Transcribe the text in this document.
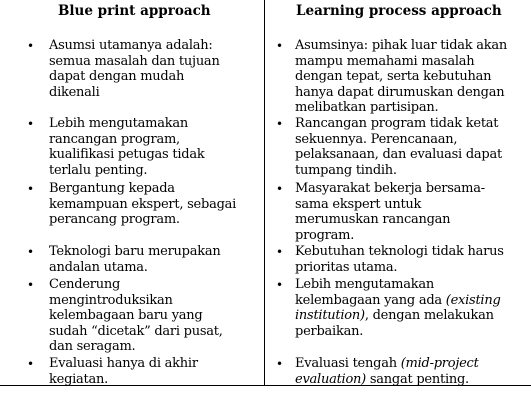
Blue print approach	Learning process approach
• Asumsi utamanya adalah:
semua masalah dan tujuan
dapat dengan mudah
dikenali
• Lebih mengutamakan
rancangan program,
kualifikasi petugas tidak
terlalu penting.
• Bergantung kepada
kemampuan ekspert, sebagai
perancang program.
• Teknologi baru merupakan
andalan utama.
• Cenderung
mengintroduksikan
kelembagaan baru yang
sudah “dicetak” dari pusat,
dan seragam.
• Evaluasi hanya di akhir
kegiatan.
• Asumsinya: pihak luar tidak akan
mampu memahami masalah
dengan tepat, serta kebutuhan
hanya dapat dirumuskan dengan
melibatkan partisipan.
• Rancangan program tidak ketat
sekuennya. Perencanaan,
pelaksanaan, dan evaluasi dapat
tumpang tindih.
• Masyarakat bekerja bersama-
sama ekspert untuk
merumuskan rancangan
program.
• Kebutuhan teknologi tidak harus
prioritas utama.
• Lebih mengutamakan
kelembagaan yang ada (existing
institution), dengan melakukan
perbaikan.
• Evaluasi tengah (mid-project
evaluation) sangat penting.
